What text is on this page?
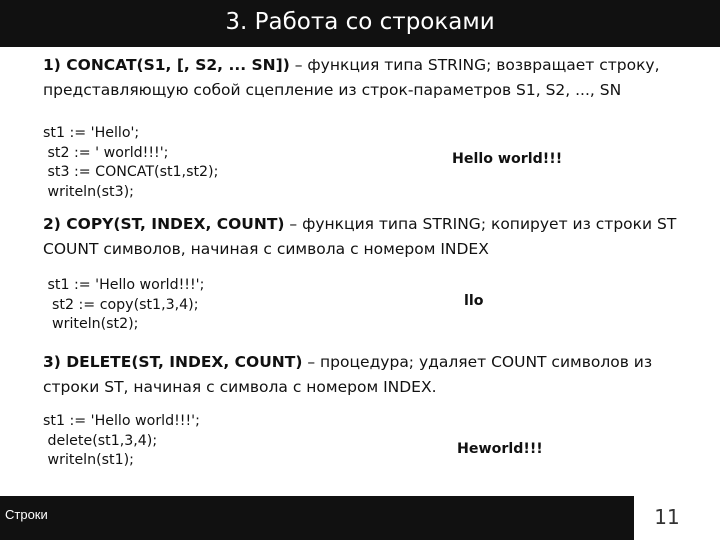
3. Работа со строками
1) CONCAT(S1, [, S2, ... SN]) – функция типа STRING; возвращает строку, представляющую собой сцепление из строк-параметров S1, S2, ..., SN
st1 := 'Hello';
st2 := ' world!!!';
st3 := CONCAT(st1,st2);
writeln(st3);
Hello world!!!
2) COPY(ST, INDEX, COUNT) – функция типа STRING; копирует из строки ST COUNT символов, начиная с символа с номером INDEX
st1 := 'Hello world!!!';
st2 := copy(st1,3,4);
writeln(st2);
llo
3) DELETE(ST, INDEX, COUNT) – процедура; удаляет COUNT символов из строки ST, начиная с символа с номером INDEX.
st1 := 'Hello world!!!';
delete(st1,3,4);
writeln(st1);
Heworld!!!
Строки	11
